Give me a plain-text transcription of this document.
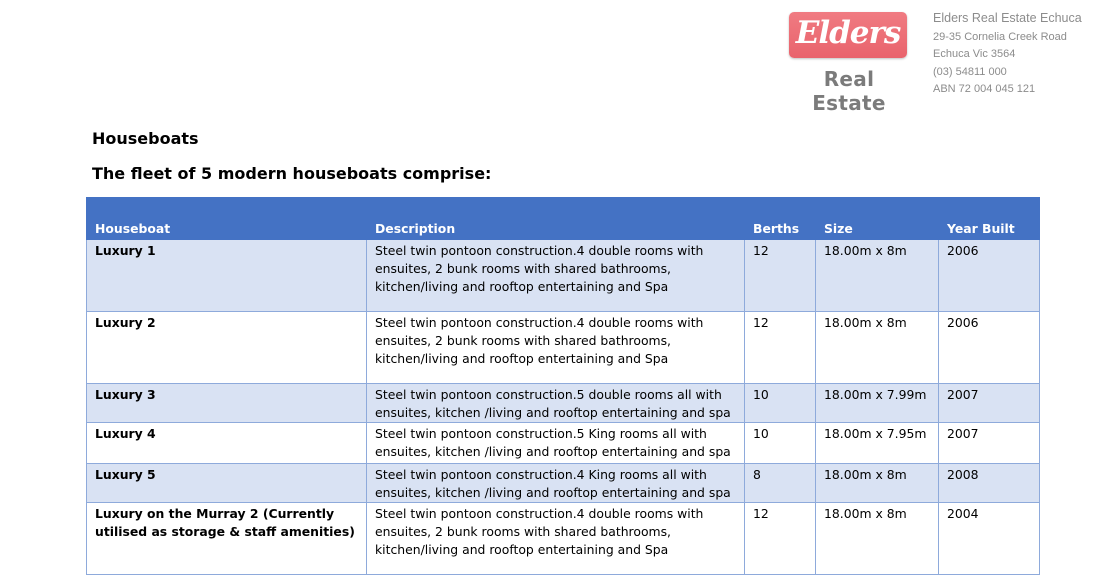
Elders
Real Estate
Elders Real Estate Echuca
29-35 Cornelia Creek Road
Echuca Vic 3564
(03) 54811 000
ABN 72 004 045 121
Houseboats
The fleet of 5 modern houseboats comprise:
Houseboat	Description	Berths	Size	Year Built
Luxury 1	Steel twin pontoon construction.4 double rooms with ensuites, 2 bunk rooms with shared bathrooms, kitchen/living and rooftop entertaining and Spa	12	18.00m x 8m	2006
Luxury 2	Steel twin pontoon construction.4 double rooms with ensuites, 2 bunk rooms with shared bathrooms, kitchen/living and rooftop entertaining and Spa	12	18.00m x 8m	2006
Luxury 3	Steel twin pontoon construction.5 double rooms all with ensuites, kitchen /living and rooftop entertaining and spa	10	18.00m x 7.99m	2007
Luxury 4	Steel twin pontoon construction.5 King rooms all with ensuites, kitchen /living and rooftop entertaining and spa	10	18.00m x 7.95m	2007
Luxury 5	Steel twin pontoon construction.4 King rooms all with ensuites, kitchen /living and rooftop entertaining and spa	8	18.00m x 8m	2008
Luxury on the Murray 2 (Currently utilised as storage & staff amenities)	Steel twin pontoon construction.4 double rooms with ensuites, 2 bunk rooms with shared bathrooms, kitchen/living and rooftop entertaining and Spa	12	18.00m x 8m	2004
